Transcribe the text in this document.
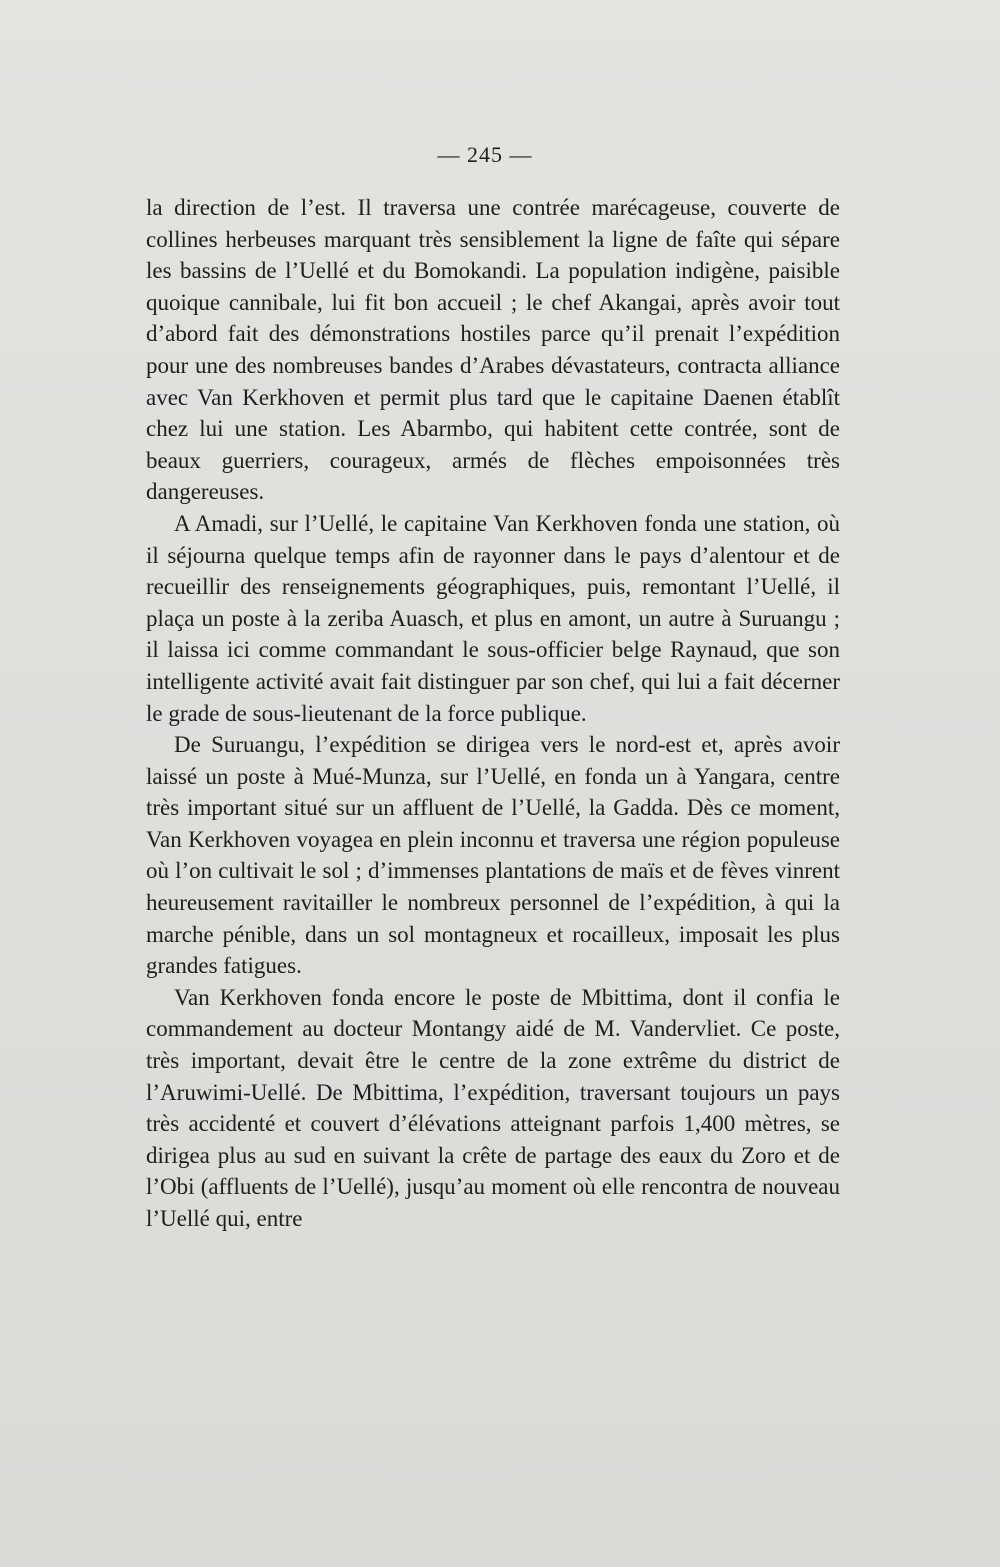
— 245 —

la direction de l’est. Il traversa une contrée marécageuse, couverte de collines herbeuses marquant très sensiblement la ligne de faîte qui sépare les bassins de l’Uellé et du Bomokandi. La population indigène, paisible quoique cannibale, lui fit bon accueil ; le chef Akangai, après avoir tout d’abord fait des démonstrations hostiles parce qu’il prenait l’expédition pour une des nombreuses bandes d’Arabes dévastateurs, contracta alliance avec Van Kerkhoven et permit plus tard que le capitaine Daenen établît chez lui une station. Les Abarmbo, qui habitent cette contrée, sont de beaux guerriers, courageux, armés de flèches empoisonnées très dangereuses.

A Amadi, sur l’Uellé, le capitaine Van Kerkhoven fonda une station, où il séjourna quelque temps afin de rayonner dans le pays d’alentour et de recueillir des renseignements géographiques, puis, remontant l’Uellé, il plaça un poste à la zeriba Auasch, et plus en amont, un autre à Suruangu ; il laissa ici comme commandant le sous-officier belge Raynaud, que son intelligente activité avait fait distinguer par son chef, qui lui a fait décerner le grade de sous-lieutenant de la force publique.

De Suruangu, l’expédition se dirigea vers le nord-est et, après avoir laissé un poste à Mué-Munza, sur l’Uellé, en fonda un à Yangara, centre très important situé sur un affluent de l’Uellé, la Gadda. Dès ce moment, Van Kerkhoven voyagea en plein inconnu et traversa une région populeuse où l’on cultivait le sol ; d’immenses plantations de maïs et de fèves vinrent heureusement ravitailler le nombreux personnel de l’expédition, à qui la marche pénible, dans un sol montagneux et rocailleux, imposait les plus grandes fatigues.

Van Kerkhoven fonda encore le poste de Mbittima, dont il confia le commandement au docteur Montangy aidé de M. Vandervliet. Ce poste, très important, devait être le centre de la zone extrême du district de l’Aruwimi-Uellé. De Mbittima, l’expédition, traversant toujours un pays très accidenté et couvert d’élévations atteignant parfois 1,400 mètres, se dirigea plus au sud en suivant la crête de partage des eaux du Zoro et de l’Obi (affluents de l’Uellé), jusqu’au moment où elle rencontra de nouveau l’Uellé qui, entre
